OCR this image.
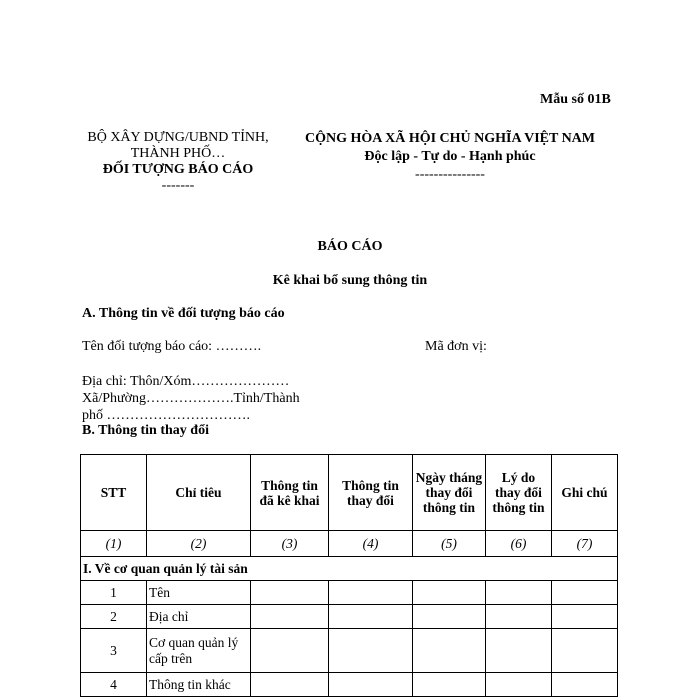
Mẫu số 01B
BỘ XÂY DỰNG/UBND TỈNH,
THÀNH PHỐ…
ĐỐI TƯỢNG BÁO CÁO
-------
CỘNG HÒA XÃ HỘI CHỦ NGHĨA VIỆT NAM
Độc lập - Tự do - Hạnh phúc
---------------
BÁO CÁO
Kê khai bổ sung thông tin
A. Thông tin về đối tượng báo cáo
Tên đối tượng báo cáo: ……….	Mã đơn vị:
Địa chỉ: Thôn/Xóm…………………Xã/Phường……………….Tỉnh/Thành
phố ………………………….
B. Thông tin thay đổi
STT	Chỉ tiêu	Thông tin đã kê khai	Thông tin thay đổi	Ngày tháng thay đổi thông tin	Lý do thay đổi thông tin	Ghi chú
(1)	(2)	(3)	(4)	(5)	(6)	(7)
I. Về cơ quan quản lý tài sản						
1	Tên					
2	Địa chỉ					
3	Cơ quan quản lý cấp trên					
4	Thông tin khác					
